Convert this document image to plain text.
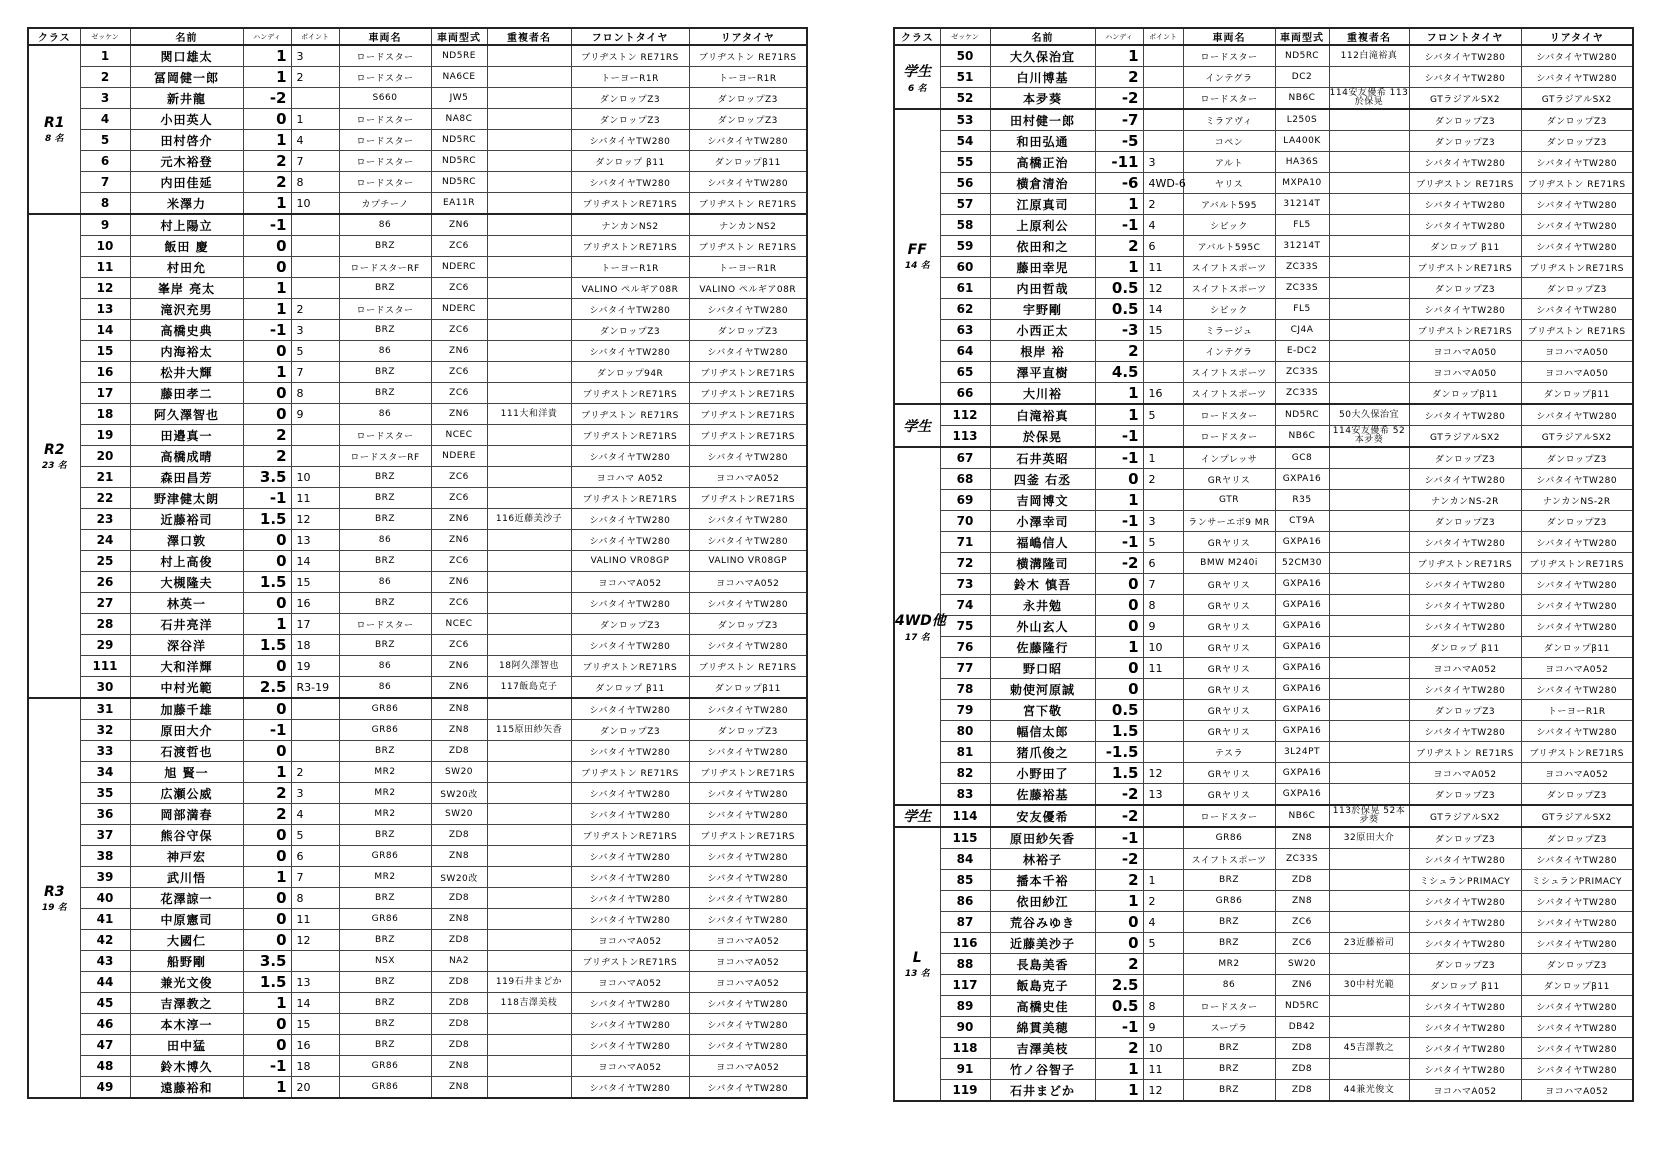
クラス	ゼッケン	名前	ハンディ	ポイント	車両名	車両型式	重複者名	フロントタイヤ	リアタイヤ

R1
8 名	1	関口雄太	1	3	ロードスター	ND5RE		ブリヂストン RE71RS	ブリヂストン RE71RS
	2	冨岡健一郎	1	2	ロードスター	NA6CE		トーヨーR1R	トーヨーR1R
	3	新井龍	-2		S660	JW5		ダンロップZ3	ダンロップZ3
	4	小田英人	0	1	ロードスター	NA8C		ダンロップZ3	ダンロップZ3
	5	田村啓介	1	4	ロードスター	ND5RC		シバタイヤTW280	シバタイヤTW280
	6	元木裕登	2	7	ロードスター	ND5RC		ダンロップ β11	ダンロップβ11
	7	内田佳延	2	8	ロードスター	ND5RC		シバタイヤTW280	シバタイヤTW280
	8	米澤力	1	10	カプチーノ	EA11R		ブリヂストンRE71RS	ブリヂストン RE71RS

R2
23 名	9	村上陽立	-1		86	ZN6		ナンカンNS2	ナンカンNS2
	10	飯田 慶	0		BRZ	ZC6		ブリヂストンRE71RS	ブリヂストン RE71RS
	11	村田允	0		ロードスターRF	NDERC		トーヨーR1R	トーヨーR1R
	12	峯岸 亮太	1		BRZ	ZC6		VALINO ペルギア08R	VALINO ペルギア08R
	13	滝沢充男	1	2	ロードスター	NDERC		シバタイヤTW280	シバタイヤTW280
	14	高橋史典	-1	3	BRZ	ZC6		ダンロップZ3	ダンロップZ3
	15	内海裕太	0	5	86	ZN6		シバタイヤTW280	シバタイヤTW280
	16	松井大輝	1	7	BRZ	ZC6		ダンロップ94R	ブリヂストンRE71RS
	17	藤田孝二	0	8	BRZ	ZC6		ブリヂストンRE71RS	ブリヂストンRE71RS
	18	阿久澤智也	0	9	86	ZN6	111大和洋貴	ブリヂストン RE71RS	ブリヂストンRE71RS
	19	田邉真一	2		ロードスター	NCEC		ブリヂストンRE71RS	ブリヂストンRE71RS
	20	高橋成晴	2		ロードスターRF	NDERE		シバタイヤTW280	シバタイヤTW280
	21	森田昌芳	3.5	10	BRZ	ZC6		ヨコハマ A052	ヨコハマA052
	22	野津健太朗	-1	11	BRZ	ZC6		ブリヂストンRE71RS	ブリヂストンRE71RS
	23	近藤裕司	1.5	12	BRZ	ZN6	116近藤美沙子	シバタイヤTW280	シバタイヤTW280
	24	澤口敦	0	13	86	ZN6		シバタイヤTW280	シバタイヤTW280
	25	村上高俊	0	14	BRZ	ZC6		VALINO VR08GP	VALINO VR08GP
	26	大槻隆夫	1.5	15	86	ZN6		ヨコハマA052	ヨコハマA052
	27	林英一	0	16	BRZ	ZC6		シバタイヤTW280	シバタイヤTW280
	28	石井亮洋	1	17	ロードスター	NCEC		ダンロップZ3	ダンロップZ3
	29	深谷洋	1.5	18	BRZ	ZC6		シバタイヤTW280	シバタイヤTW280
	111	大和洋輝	0	19	86	ZN6	18阿久澤智也	ブリヂストンRE71RS	ブリヂストン RE71RS
	30	中村光範	2.5	R3-19	86	ZN6	117飯島克子	ダンロップ β11	ダンロップβ11

R3
19 名	31	加藤千雄	0		GR86	ZN8		シバタイヤTW280	シバタイヤTW280
	32	原田大介	-1		GR86	ZN8	115原田紗矢香	ダンロップZ3	ダンロップZ3
	33	石渡哲也	0		BRZ	ZD8		シバタイヤTW280	シバタイヤTW280
	34	旭 賢一	1	2	MR2	SW20		ブリヂストン RE71RS	ブリヂストンRE71RS
	35	広瀬公威	2	3	MR2	SW20改		シバタイヤTW280	シバタイヤTW280
	36	岡部満春	2	4	MR2	SW20		シバタイヤTW280	シバタイヤTW280
	37	熊谷守保	0	5	BRZ	ZD8		ブリヂストンRE71RS	ブリヂストンRE71RS
	38	神戸宏	0	6	GR86	ZN8		シバタイヤTW280	シバタイヤTW280
	39	武川悟	1	7	MR2	SW20改		シバタイヤTW280	シバタイヤTW280
	40	花澤諒一	0	8	BRZ	ZD8		シバタイヤTW280	シバタイヤTW280
	41	中原憲司	0	11	GR86	ZN8		シバタイヤTW280	シバタイヤTW280
	42	大國仁	0	12	BRZ	ZD8		ヨコハマA052	ヨコハマA052
	43	船野剛	3.5		NSX	NA2		ブリヂストンRE71RS	ヨコハマA052
	44	兼光文俊	1.5	13	BRZ	ZD8	119石井まどか	ヨコハマA052	ヨコハマA052
	45	吉澤教之	1	14	BRZ	ZD8	118吉澤美枝	シバタイヤTW280	シバタイヤTW280
	46	本木淳一	0	15	BRZ	ZD8		シバタイヤTW280	シバタイヤTW280
	47	田中猛	0	16	BRZ	ZD8		シバタイヤTW280	シバタイヤTW280
	48	鈴木博久	-1	18	GR86	ZN8		ヨコハマA052	ヨコハマA052
	49	遠藤裕和	1	20	GR86	ZN8		シバタイヤTW280	シバタイヤTW280
クラス	ゼッケン	名前	ハンディ	ポイント	車両名	車両型式	重複者名	フロントタイヤ	リアタイヤ

学生
6 名	50	大久保治宜	1		ロードスター	ND5RC	112白滝裕真	シバタイヤTW280	シバタイヤTW280
	51	白川博基	2		インテグラ	DC2		シバタイヤTW280	シバタイヤTW280
	52	本夛葵	-2		ロードスター	NB6C	114安友優希 113於保晃	GTラジアルSX2	GTラジアルSX2

FF
14 名	53	田村健一郎	-7		ミラアヴィ	L250S		ダンロップZ3	ダンロップZ3
	54	和田弘通	-5		コペン	LA400K		ダンロップZ3	ダンロップZ3
	55	高橋正治	-11	3	アルト	HA36S		シバタイヤTW280	シバタイヤTW280
	56	横倉清治	-6	4WD-6	ヤリス	MXPA10		ブリヂストン RE71RS	ブリヂストン RE71RS
	57	江原真司	1	2	アバルト595	31214T		シバタイヤTW280	シバタイヤTW280
	58	上原利公	-1	4	シビック	FL5		シバタイヤTW280	シバタイヤTW280
	59	依田和之	2	6	アバルト595C	31214T		ダンロップ β11	シバタイヤTW280
	60	藤田幸児	1	11	スイフトスポーツ	ZC33S		ブリヂストンRE71RS	ブリヂストンRE71RS
	61	内田哲哉	0.5	12	スイフトスポーツ	ZC33S		ダンロップZ3	ダンロップZ3
	62	宇野剛	0.5	14	シビック	FL5		シバタイヤTW280	シバタイヤTW280
	63	小西正太	-3	15	ミラージュ	CJ4A		ブリヂストンRE71RS	ブリヂストン RE71RS
	64	根岸 裕	2		インテグラ	E-DC2		ヨコハマA050	ヨコハマA050
	65	澤平直樹	4.5		スイフトスポーツ	ZC33S		ヨコハマA050	ヨコハマA050
	66	大川裕	1	16	スイフトスポーツ	ZC33S		ダンロップβ11	ダンロップβ11

学生	112	白滝裕真	1	5	ロードスター	ND5RC	50大久保治宜	シバタイヤTW280	シバタイヤTW280
	113	於保晃	-1		ロードスター	NB6C	114安友優希 52本夛葵	GTラジアルSX2	GTラジアルSX2

4WD他
17 名	67	石井英昭	-1	1	インプレッサ	GC8		ダンロップZ3	ダンロップZ3
	68	四釜 右丞	0	2	GRヤリス	GXPA16		シバタイヤTW280	シバタイヤTW280
	69	吉岡博文	1		GTR	R35		ナンカンNS-2R	ナンカンNS-2R
	70	小澤幸司	-1	3	ランサーエボ9 MR	CT9A		ダンロップZ3	ダンロップZ3
	71	福嶋信人	-1	5	GRヤリス	GXPA16		シバタイヤTW280	シバタイヤTW280
	72	横溝隆司	-2	6	BMW M240i	52CM30		ブリヂストンRE71RS	ブリヂストンRE71RS
	73	鈴木 慎吾	0	7	GRヤリス	GXPA16		シバタイヤTW280	シバタイヤTW280
	74	永井勉	0	8	GRヤリス	GXPA16		シバタイヤTW280	シバタイヤTW280
	75	外山玄人	0	9	GRヤリス	GXPA16		シバタイヤTW280	シバタイヤTW280
	76	佐藤隆行	1	10	GRヤリス	GXPA16		ダンロップ β11	ダンロップβ11
	77	野口昭	0	11	GRヤリス	GXPA16		ヨコハマA052	ヨコハマA052
	78	勅使河原誠	0		GRヤリス	GXPA16		シバタイヤTW280	シバタイヤTW280
	79	宮下敬	0.5		GRヤリス	GXPA16		ダンロップZ3	トーヨーR1R
	80	幅信太郎	1.5		GRヤリス	GXPA16		シバタイヤTW280	シバタイヤTW280
	81	猪爪俊之	-1.5		テスラ	3L24PT		ブリヂストン RE71RS	ブリヂストンRE71RS
	82	小野田了	1.5	12	GRヤリス	GXPA16		ヨコハマA052	ヨコハマA052
	83	佐藤裕基	-2	13	GRヤリス	GXPA16		ダンロップZ3	ダンロップZ3

学生	114	安友優希	-2		ロードスター	NB6C	113於保晃 52本夛葵	GTラジアルSX2	GTラジアルSX2

L
13 名	115	原田紗矢香	-1		GR86	ZN8	32原田大介	ダンロップZ3	ダンロップZ3
	84	林裕子	-2		スイフトスポーツ	ZC33S		シバタイヤTW280	シバタイヤTW280
	85	播本千裕	2	1	BRZ	ZD8		ミシュランPRIMACY	ミシュランPRIMACY
	86	依田紗江	1	2	GR86	ZN8		シバタイヤTW280	シバタイヤTW280
	87	荒谷みゆき	0	4	BRZ	ZC6		シバタイヤTW280	シバタイヤTW280
	116	近藤美沙子	0	5	BRZ	ZC6	23近藤裕司	シバタイヤTW280	シバタイヤTW280
	88	長島美香	2		MR2	SW20		ダンロップZ3	ダンロップZ3
	117	飯島克子	2.5		86	ZN6	30中村光範	ダンロップ β11	ダンロップβ11
	89	高橋史佳	0.5	8	ロードスター	ND5RC		シバタイヤTW280	シバタイヤTW280
	90	綿貫美穂	-1	9	スープラ	DB42		シバタイヤTW280	シバタイヤTW280
	118	吉澤美枝	2	10	BRZ	ZD8	45吉澤教之	シバタイヤTW280	シバタイヤTW280
	91	竹ノ谷智子	1	11	BRZ	ZD8		シバタイヤTW280	シバタイヤTW280
	119	石井まどか	1	12	BRZ	ZD8	44兼光俊文	ヨコハマA052	ヨコハマA052
